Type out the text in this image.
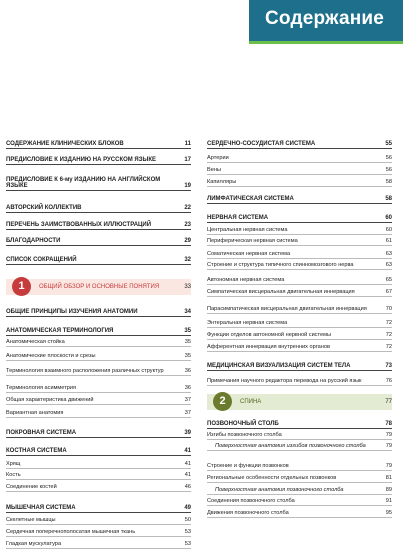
Содержание
СОДЕРЖАНИЕ КЛИНИЧЕСКИХ БЛОКОВ	11
ПРЕДИСЛОВИЕ К ИЗДАНИЮ НА РУССКОМ ЯЗЫКЕ	17
ПРЕДИСЛОВИЕ К 6-му ИЗДАНИЮ НА АНГЛИЙСКОМ ЯЗЫКЕ	19
АВТОРСКИЙ КОЛЛЕКТИВ	22
ПЕРЕЧЕНЬ ЗАИМСТВОВАННЫХ ИЛЛЮСТРАЦИЙ	23
БЛАГОДАРНОСТИ	29
СПИСОК СОКРАЩЕНИЙ	32
ОБЩИЕ ПРИНЦИПЫ ИЗУЧЕНИЯ АНАТОМИИ	34
АНАТОМИЧЕСКАЯ ТЕРМИНОЛОГИЯ	35
Анатомическая стойка	35
Анатомические плоскости и срезы	35
Терминология взаимного расположения различных структур	36
Терминология асимметрия	36
Общая характеристика движений	37
Вариантная анатомия	37
ПОКРОВНАЯ СИСТЕМА	39
КОСТНАЯ СИСТЕМА	41
Хрящ	41
Кость	41
Соединение костей	46
МЫШЕЧНАЯ СИСТЕМА	49
Скелетные мышцы	50
Сердечная поперечнополосатая мышечная ткань	53
Гладкая мускулатура	53
1	ОБЩИЙ ОБЗОР И ОСНОВНЫЕ ПОНЯТИЯ	33
СЕРДЕЧНО-СОСУДИСТАЯ СИСТЕМА	55
Артерии	56
Вены	56
Капилляры	58
ЛИМФАТИЧЕСКАЯ СИСТЕМА	58
НЕРВНАЯ СИСТЕМА	60
Центральная нервная система	60
Периферическая нервная система	61
Соматическая нервная система	63
Строение и структура типичного спинномозгового нерва	63
Автономная нервная система	65
Симпатическая висцеральная двигательная иннервация	67
Парасимпатическая висцеральная двигательная иннервация	70
Энтеральная нервная система	72
Функции отделов автономной нервной системы	72
Афферентная иннервация внутренних органов	72
МЕДИЦИНСКАЯ ВИЗУАЛИЗАЦИЯ СИСТЕМ ТЕЛА	73
Примечания научного редактора перевода на русский язык	76
ПОЗВОНОЧНЫЙ СТОЛБ	78
Изгибы позвоночного столба	79
Поверхностная анатомия изгибов позвоночного столба	79
Строение и функции позвонков	79
Региональные особенности отдельных позвонков	81
Поверхностная анатомия позвоночного столба	89
Соединения позвоночного столба	91
Движения позвоночного столба	95
2	СПИНА	77
